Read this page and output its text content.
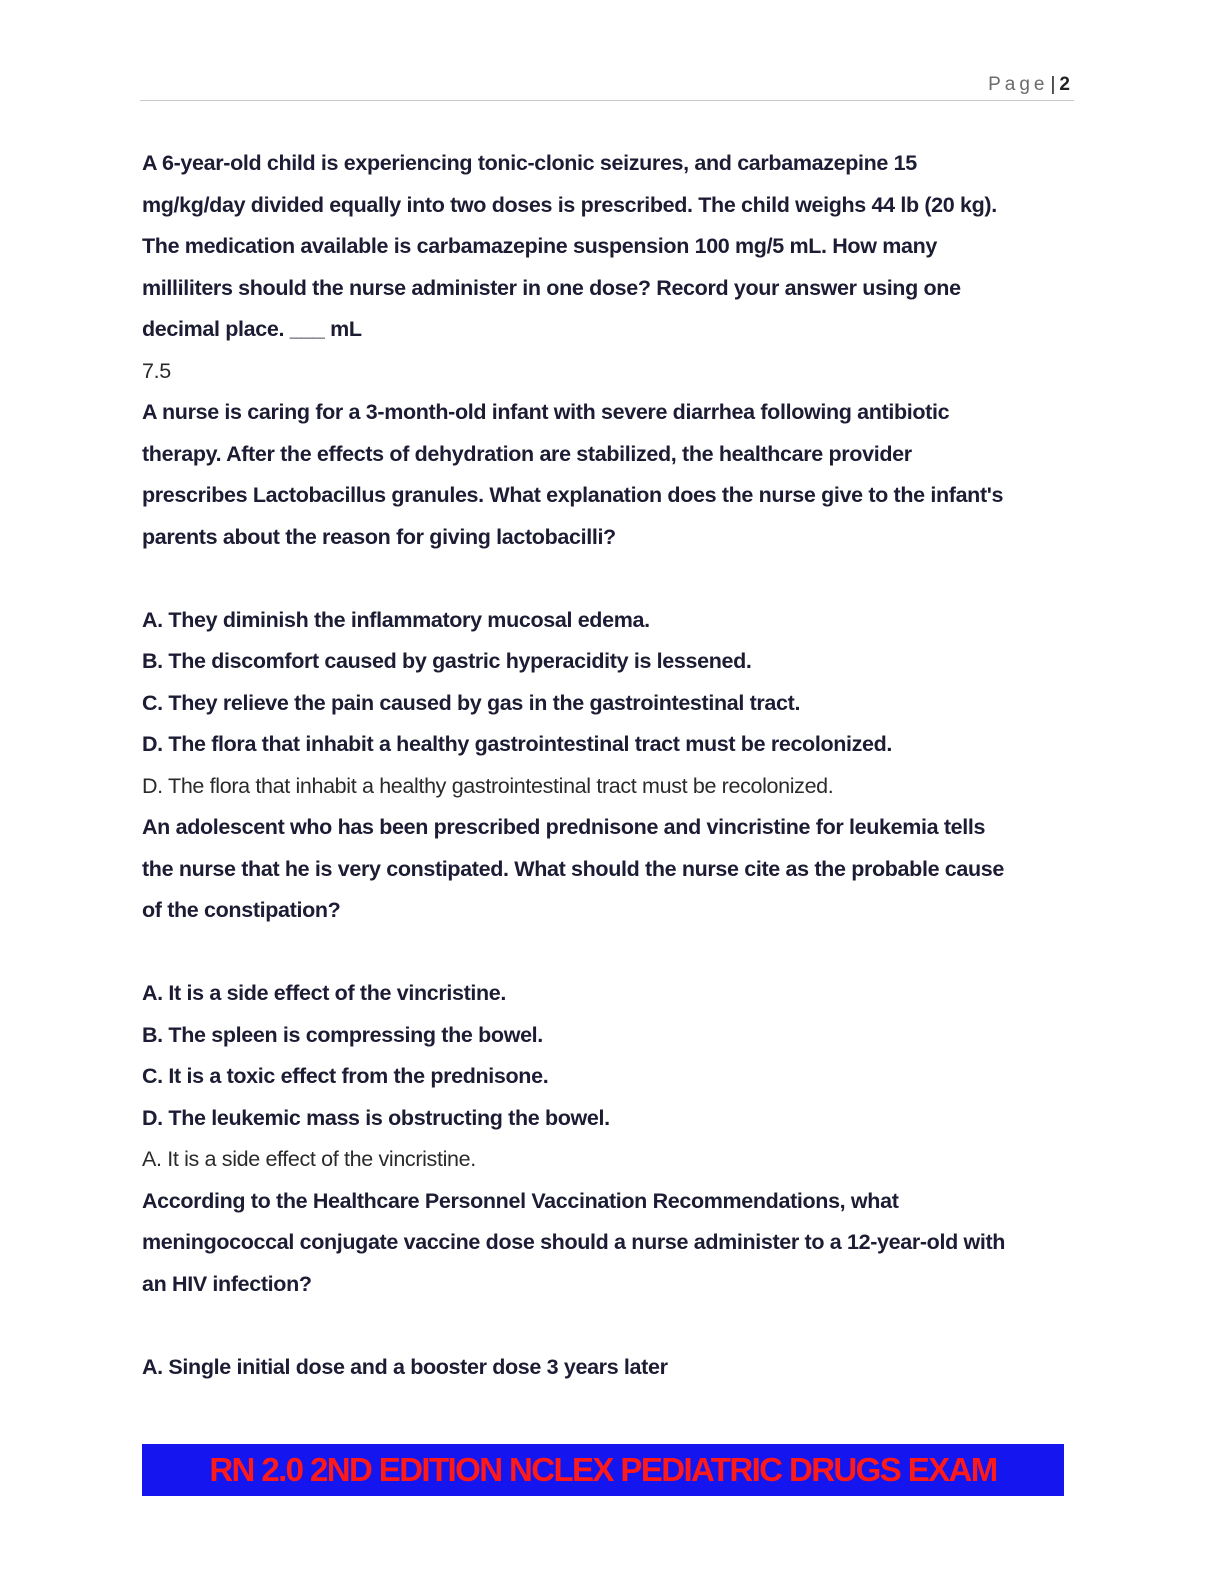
Page | 2
A 6-year-old child is experiencing tonic-clonic seizures, and carbamazepine 15
mg/kg/day divided equally into two doses is prescribed. The child weighs 44 lb (20 kg).
The medication available is carbamazepine suspension 100 mg/5 mL. How many
milliliters should the nurse administer in one dose? Record your answer using one
decimal place. ___ mL
7.5
A nurse is caring for a 3-month-old infant with severe diarrhea following antibiotic
therapy. After the effects of dehydration are stabilized, the healthcare provider
prescribes Lactobacillus granules. What explanation does the nurse give to the infant's
parents about the reason for giving lactobacilli?
A. They diminish the inflammatory mucosal edema.
B. The discomfort caused by gastric hyperacidity is lessened.
C. They relieve the pain caused by gas in the gastrointestinal tract.
D. The flora that inhabit a healthy gastrointestinal tract must be recolonized.
D. The flora that inhabit a healthy gastrointestinal tract must be recolonized.
An adolescent who has been prescribed prednisone and vincristine for leukemia tells
the nurse that he is very constipated. What should the nurse cite as the probable cause
of the constipation?
A. It is a side effect of the vincristine.
B. The spleen is compressing the bowel.
C. It is a toxic effect from the prednisone.
D. The leukemic mass is obstructing the bowel.
A. It is a side effect of the vincristine.
According to the Healthcare Personnel Vaccination Recommendations, what
meningococcal conjugate vaccine dose should a nurse administer to a 12-year-old with
an HIV infection?
A. Single initial dose and a booster dose 3 years later
RN 2.0 2ND EDITION NCLEX PEDIATRIC DRUGS EXAM
